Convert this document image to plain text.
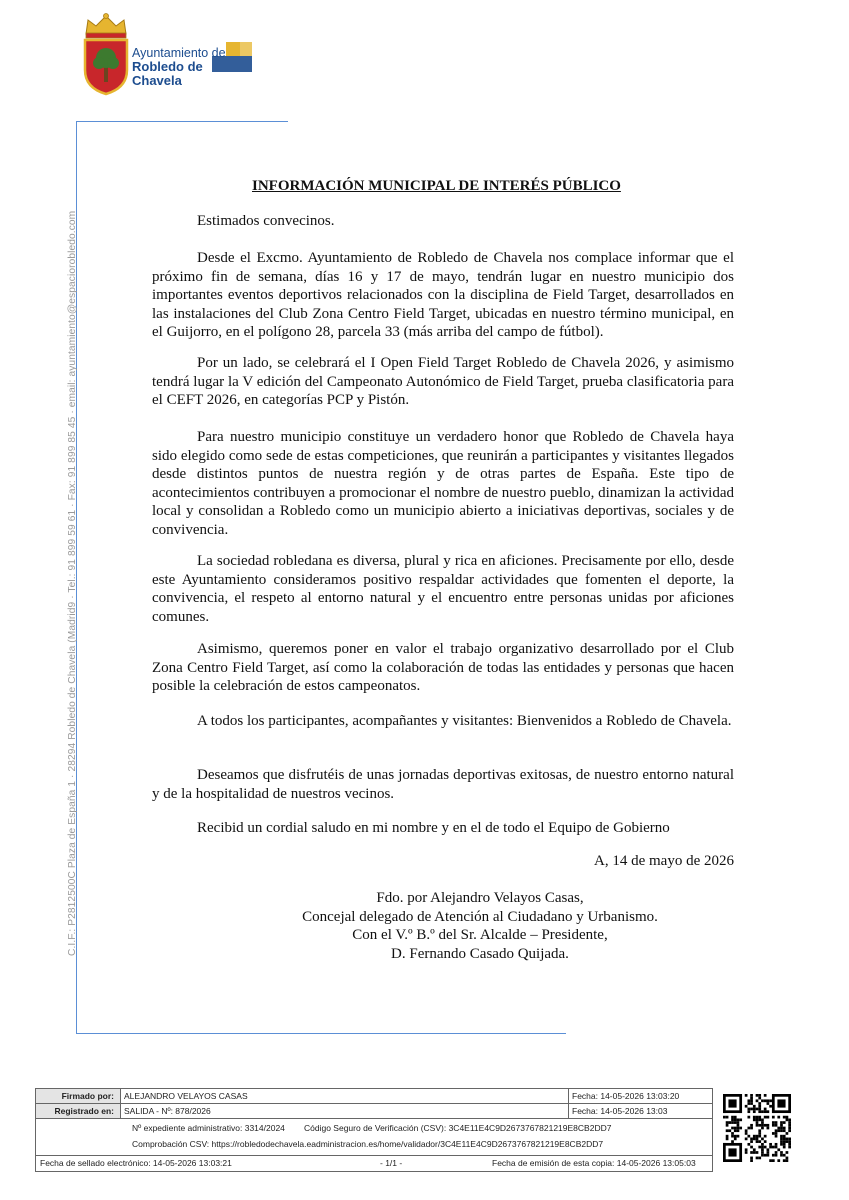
Ayuntamiento de
Robledo de Chavela
C.I.F.: P2812500C Plaza de España 1 · 28294 Robledo de Chavela (Madrid9 · Tel.: 91 899 59 61 · Fax: 91 899 85 45 · email: ayuntamiento@espaciorobledo.com
INFORMACIÓN MUNICIPAL DE INTERÉS PÚBLICO
Estimados convecinos.

Desde el Excmo. Ayuntamiento de Robledo de Chavela nos complace informar que el próximo fin de semana, días 16 y 17 de mayo, tendrán lugar en nuestro municipio dos importantes eventos deportivos relacionados con la disciplina de Field Target, desarrollados en las instalaciones del Club Zona Centro Field Target, ubicadas en nuestro término municipal, en el Guijorro, en el polígono 28, parcela 33 (más arriba del campo de fútbol).

Por un lado, se celebrará el I Open Field Target Robledo de Chavela 2026, y asimismo tendrá lugar la V edición del Campeonato Autonómico de Field Target, prueba clasificatoria para el CEFT 2026, en categorías PCP y Pistón.

Para nuestro municipio constituye un verdadero honor que Robledo de Chavela haya sido elegido como sede de estas competiciones, que reunirán a participantes y visitantes llegados desde distintos puntos de nuestra región y de otras partes de España. Este tipo de acontecimientos contribuyen a promocionar el nombre de nuestro pueblo, dinamizan la actividad local y consolidan a Robledo como un municipio abierto a iniciativas deportivas, sociales y de convivencia.

La sociedad robledana es diversa, plural y rica en aficiones. Precisamente por ello, desde este Ayuntamiento consideramos positivo respaldar actividades que fomenten el deporte, la convivencia, el respeto al entorno natural y el encuentro entre personas unidas por aficiones comunes.

Asimismo, queremos poner en valor el trabajo organizativo desarrollado por el Club Zona Centro Field Target, así como la colaboración de todas las entidades y personas que hacen posible la celebración de estos campeonatos.

A todos los participantes, acompañantes y visitantes: Bienvenidos a Robledo de Chavela.

Deseamos que disfrutéis de unas jornadas deportivas exitosas, de nuestro entorno natural y de la hospitalidad de nuestros vecinos.

Recibid un cordial saludo en mi nombre y en el de todo el Equipo de Gobierno
A, 14 de mayo de 2026
Fdo. por Alejandro Velayos Casas,
Concejal delegado de Atención al Ciudadano y Urbanismo.
Con el V.º B.º del Sr. Alcalde – Presidente,
D. Fernando Casado Quijada.
Firmado por:	ALEJANDRO VELAYOS CASAS	Fecha: 14-05-2026 13:03:20
Registrado en:	SALIDA - Nº: 878/2026	Fecha: 14-05-2026 13:03
Nº expediente administrativo: 3314/2024	Código Seguro de Verificación (CSV): 3C4E11E4C9D2673767821219E8CB2DD7
Comprobación CSV: https://robledodechavela.eadministracion.es/home/validador/3C4E11E4C9D2673767821219E8CB2DD7
Fecha de sellado electrónico: 14-05-2026 13:03:21	- 1/1 -	Fecha de emisión de esta copia: 14-05-2026 13:05:03
